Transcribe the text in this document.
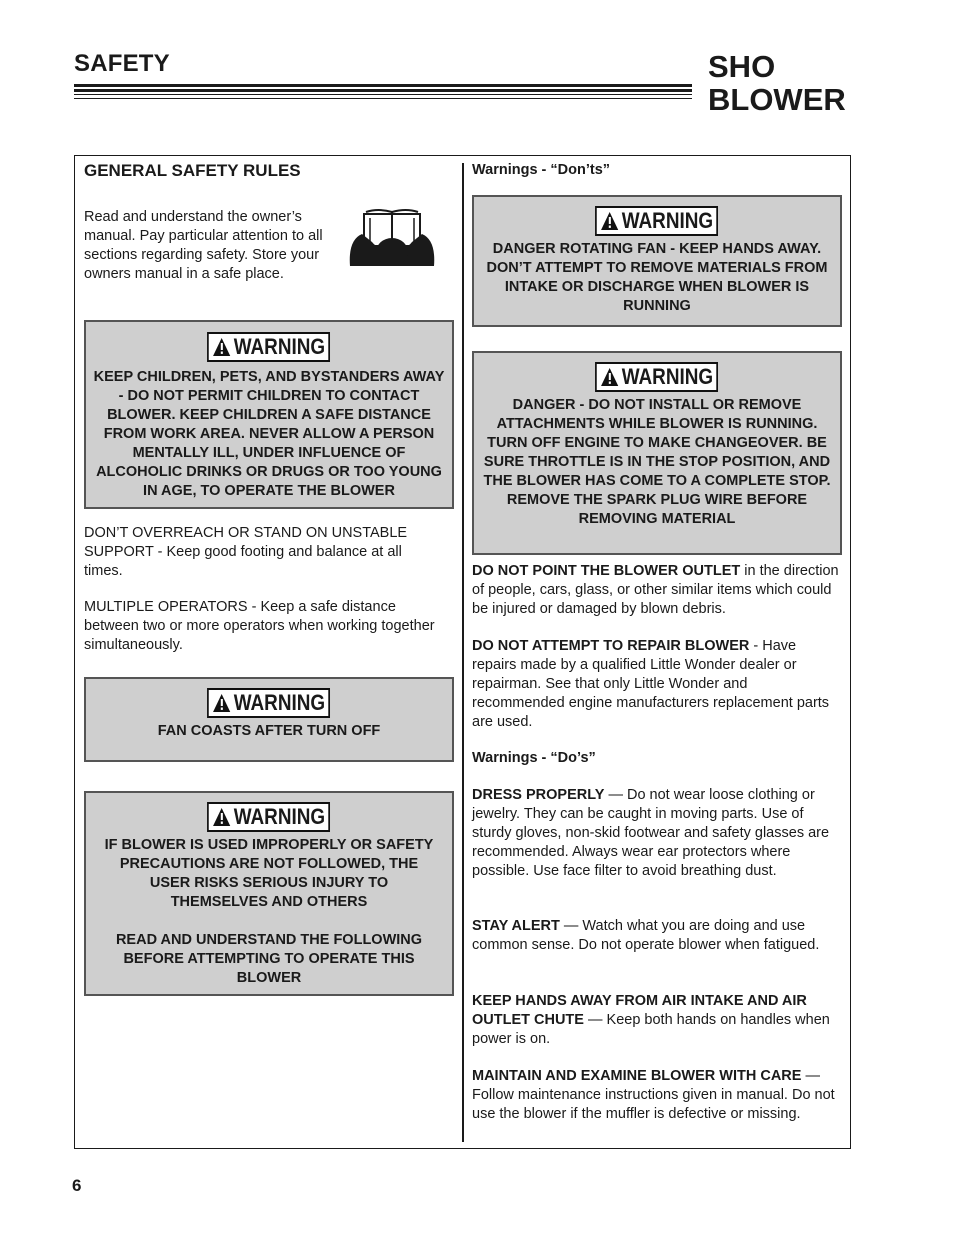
SAFETY	SHO
BLOWER
GENERAL SAFETY RULES
Read and understand the owner’s manual. Pay particular attention to all sections regarding safety. Store your owners manual in a safe place.
WARNING
KEEP CHILDREN, PETS, AND BYSTANDERS AWAY - DO NOT PERMIT CHILDREN TO CONTACT BLOWER. KEEP CHILDREN A SAFE DISTANCE FROM WORK AREA. NEVER ALLOW A PERSON MENTALLY ILL, UNDER INFLUENCE OF ALCOHOLIC DRINKS OR DRUGS OR TOO YOUNG IN AGE, TO OPERATE THE BLOWER
DON’T OVERREACH OR STAND ON UNSTABLE SUPPORT - Keep good footing and balance at all times.
MULTIPLE OPERATORS - Keep a safe distance between two or more operators when working together simultaneously.
WARNING
FAN COASTS AFTER TURN OFF
WARNING
IF BLOWER IS USED IMPROPERLY OR SAFETY PRECAUTIONS ARE NOT FOLLOWED, THE USER RISKS SERIOUS INJURY TO THEMSELVES AND OTHERS
READ AND UNDERSTAND THE FOLLOWING BEFORE ATTEMPTING TO OPERATE THIS BLOWER
Warnings - “Don’ts”
WARNING
DANGER ROTATING FAN - KEEP HANDS AWAY. DON’T ATTEMPT TO REMOVE MATERIALS FROM INTAKE OR DISCHARGE WHEN BLOWER IS RUNNING
WARNING
DANGER - DO NOT INSTALL OR REMOVE ATTACHMENTS WHILE BLOWER IS RUNNING. TURN OFF ENGINE TO MAKE CHANGEOVER. BE SURE THROTTLE IS IN THE STOP POSITION, AND THE BLOWER HAS COME TO A COMPLETE STOP. REMOVE THE SPARK PLUG WIRE BEFORE REMOVING MATERIAL
DO NOT POINT THE BLOWER OUTLET in the direction of people, cars, glass, or other similar items which could be injured or damaged by blown debris.
DO NOT ATTEMPT TO REPAIR BLOWER - Have repairs made by a qualified Little Wonder dealer or repairman. See that only Little Wonder and recommended engine manufacturers replacement parts are used.
Warnings - “Do’s”
DRESS PROPERLY — Do not wear loose clothing or jewelry. They can be caught in moving parts. Use of sturdy gloves, non-skid footwear and safety glasses are recommended. Always wear ear protectors where possible. Use face filter to avoid breathing dust.
STAY ALERT — Watch what you are doing and use common sense. Do not operate blower when fatigued.
KEEP HANDS AWAY FROM AIR INTAKE AND AIR OUTLET CHUTE — Keep both hands on handles when power is on.
MAINTAIN AND EXAMINE BLOWER WITH CARE — Follow maintenance instructions given in manual. Do not use the blower if the muffler is defective or missing.
6
